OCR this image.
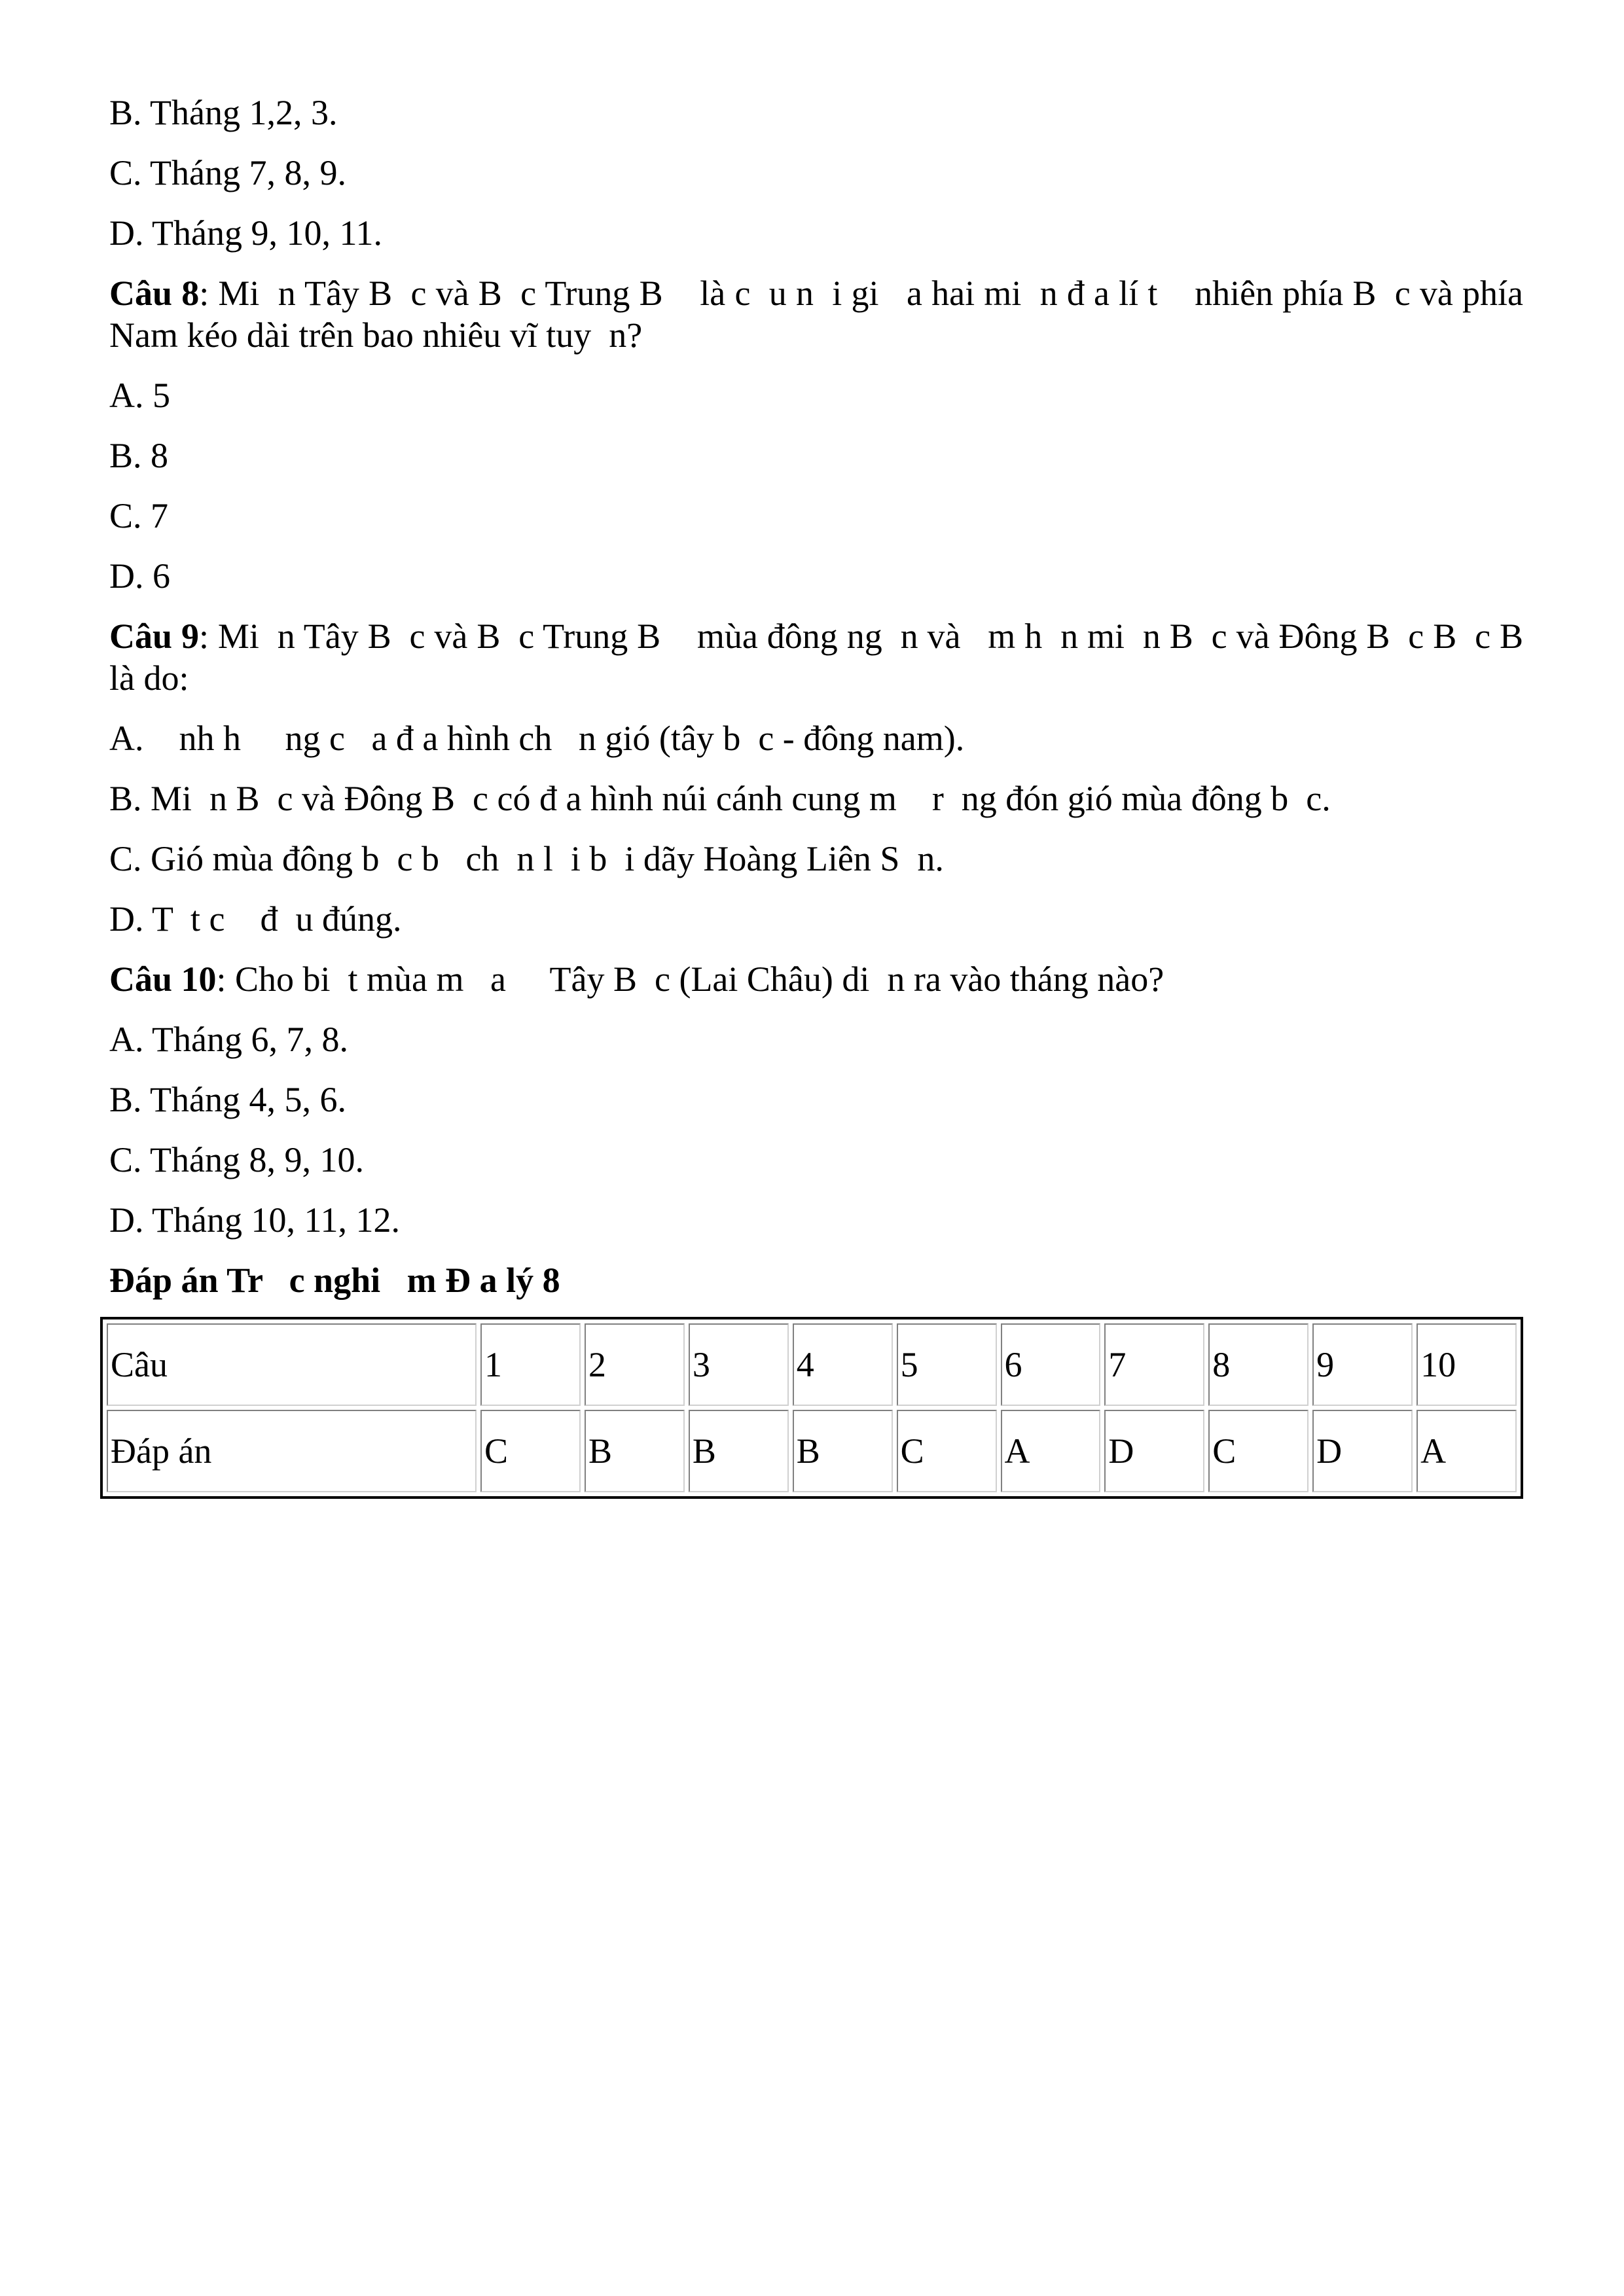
B. Tháng 1,2, 3.
C. Tháng 7, 8, 9.
D. Tháng 9, 10, 11.
Câu 8: Mi  n Tây B  c và B  c Trung B    là c  u n  i gi   a hai mi  n đ a lí t    nhiên phía B  c và phía Nam kéo dài trên bao nhiêu vĩ tuy  n?
A. 5
B. 8
C. 7
D. 6
Câu 9: Mi  n Tây B  c và B  c Trung B    mùa đông ng  n và   m h  n mi  n B  c và Đông B  c B  c B   là do:
A.    nh h     ng c   a đ a hình ch   n gió (tây b  c - đông nam).
B. Mi  n B  c và Đông B  c có đ a hình núi cánh cung m    r  ng đón gió mùa đông b  c.
C. Gió mùa đông b  c b   ch  n l  i b  i dãy Hoàng Liên S  n.
D. T  t c    đ  u đúng.
Câu 10: Cho bi  t mùa m   a     Tây B  c (Lai Châu) di  n ra vào tháng nào?
A. Tháng 6, 7, 8.
B. Tháng 4, 5, 6.
C. Tháng 8, 9, 10.
D. Tháng 10, 11, 12.
Đáp án Tr   c nghi   m Đ a lý 8
Câu	1	2	3	4	5	6	7	8	9	10
Đáp án	C	B	B	B	C	A	D	C	D	A
